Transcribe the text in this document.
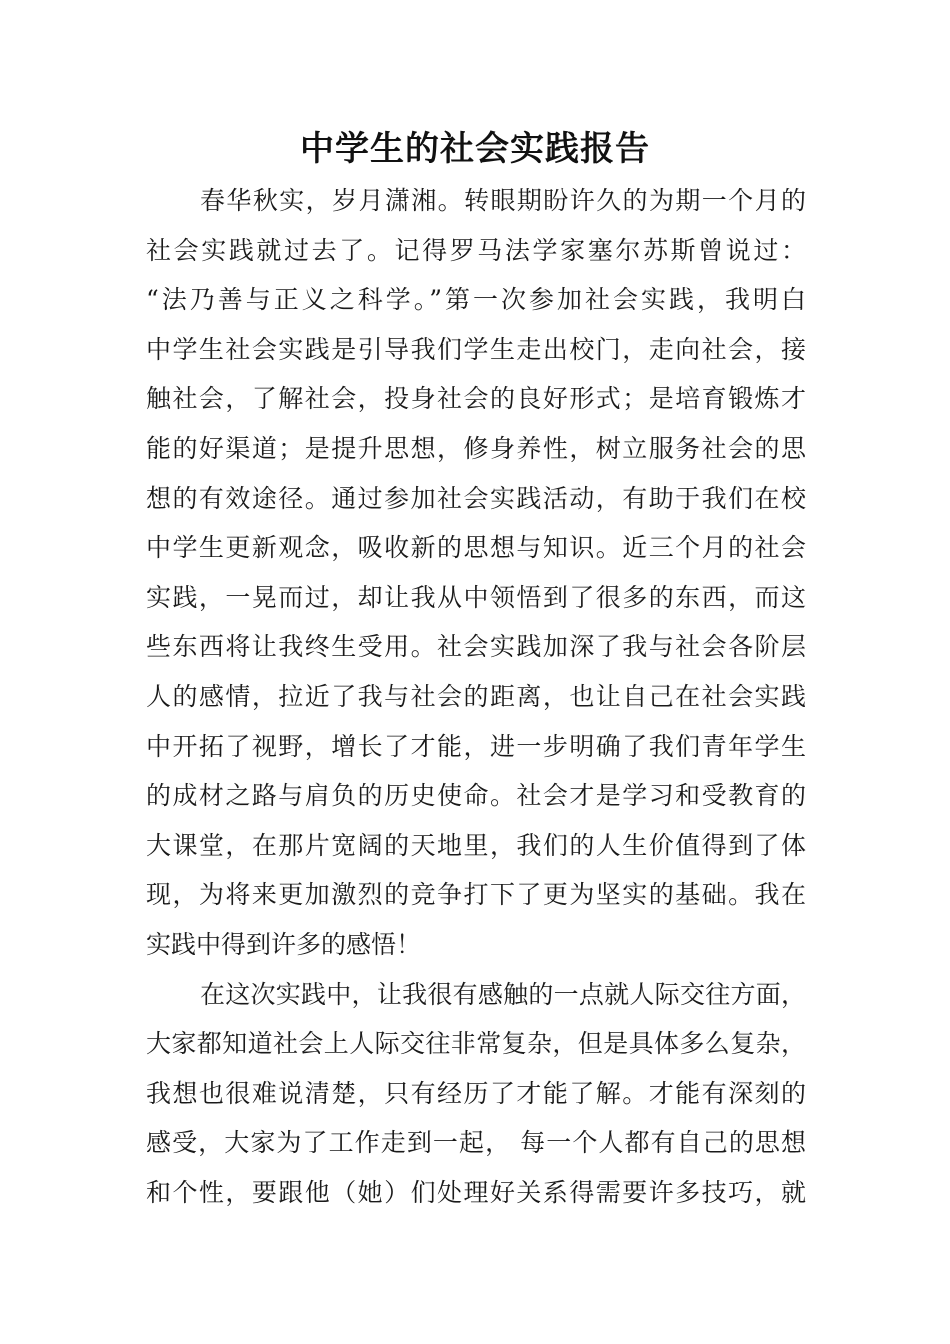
中学生的社会实践报告
春华秋实，岁月潇湘。转眼期盼许久的为期一个月的
社会实践就过去了。记得罗马法学家塞尔苏斯曾说过：
“法乃善与正义之科学。”第一次参加社会实践，我明白
中学生社会实践是引导我们学生走出校门，走向社会，接
触社会，了解社会，投身社会的良好形式；是培育锻炼才
能的好渠道；是提升思想，修身养性，树立服务社会的思
想的有效途径。通过参加社会实践活动，有助于我们在校
中学生更新观念，吸收新的思想与知识。近三个月的社会
实践，一晃而过，却让我从中领悟到了很多的东西，而这
些东西将让我终生受用。社会实践加深了我与社会各阶层
人的感情，拉近了我与社会的距离，也让自己在社会实践
中开拓了视野，增长了才能，进一步明确了我们青年学生
的成材之路与肩负的历史使命。社会才是学习和受教育的
大课堂，在那片宽阔的天地里，我们的人生价值得到了体
现，为将来更加激烈的竞争打下了更为坚实的基础。我在
实践中得到许多的感悟！
在这次实践中，让我很有感触的一点就人际交往方面，
大家都知道社会上人际交往非常复杂，但是具体多么复杂，
我想也很难说清楚，只有经历了才能了解。才能有深刻的
感受，大家为了工作走到一起， 每一个人都有自己的思想
和个性，要跟他（她）们处理好关系得需要许多技巧，就
